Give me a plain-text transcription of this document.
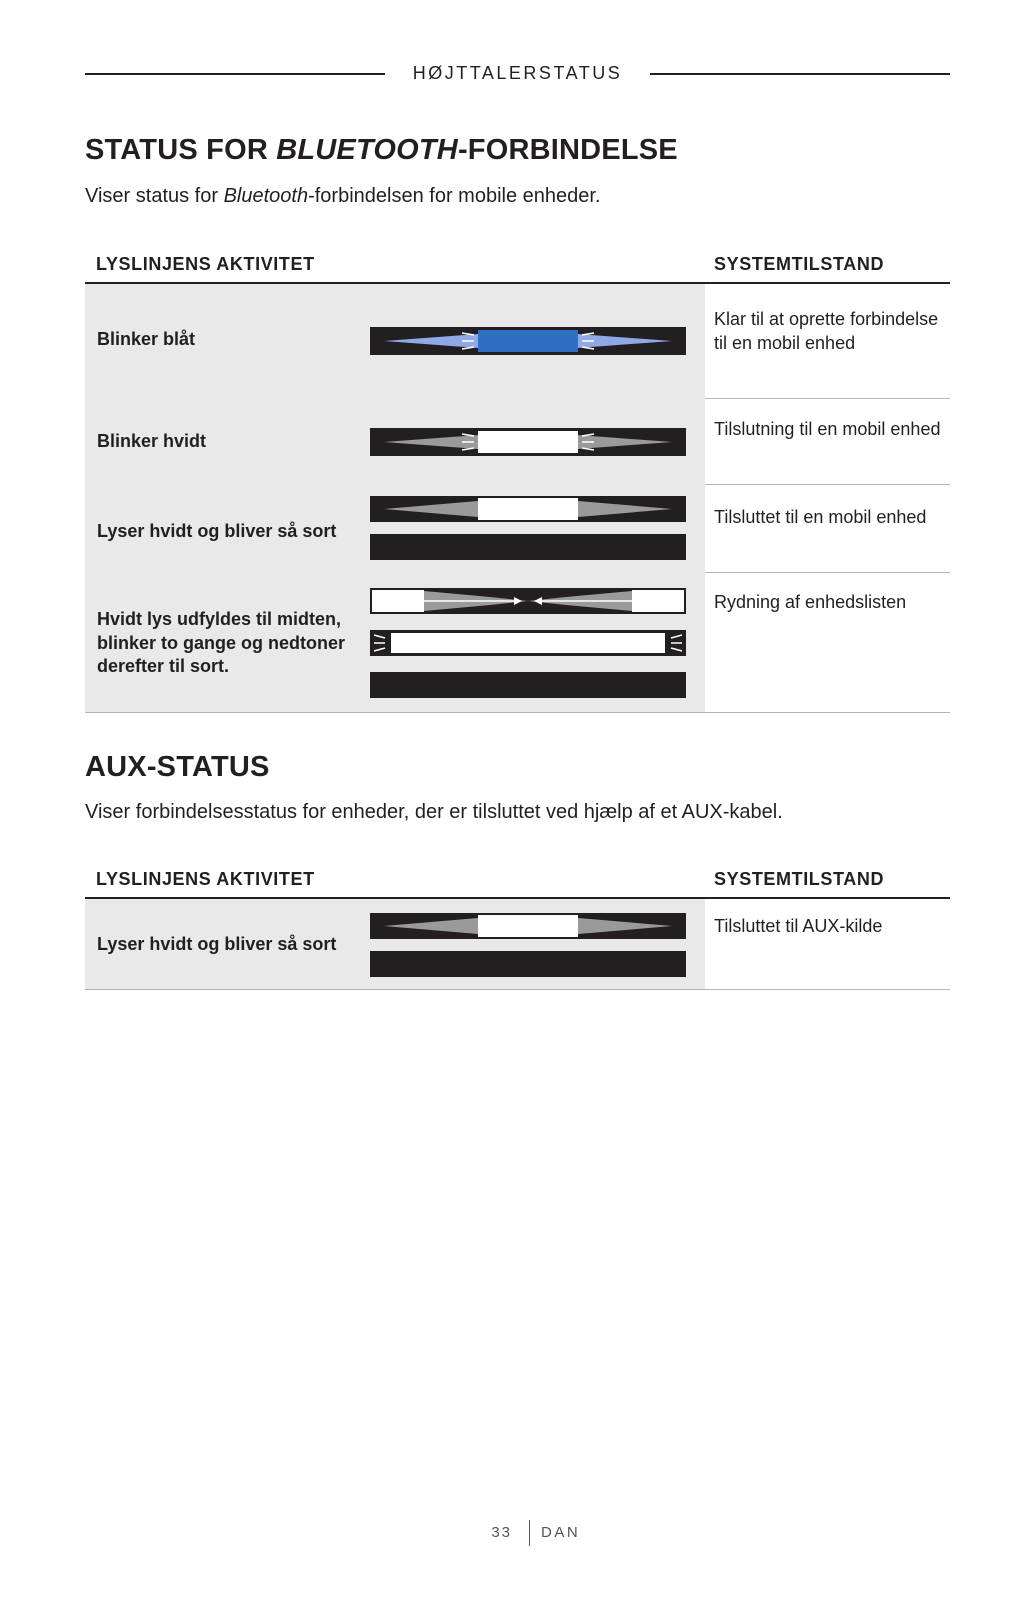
HØJTTALERSTATUS
STATUS FOR BLUETOOTH-FORBINDELSE
Viser status for Bluetooth-forbindelsen for mobile enheder.
LYSLINJENS AKTIVITET	SYSTEMTILSTAND
Blinker blåt
Klar til at oprette forbindelse til en mobil enhed
Blinker hvidt
Tilslutning til en mobil enhed
Lyser hvidt og bliver så sort
Tilsluttet til en mobil enhed
Hvidt lys udfyldes til midten, blinker to gange og nedtoner derefter til sort.
Rydning af enhedslisten
AUX-STATUS
Viser forbindelsesstatus for enheder, der er tilsluttet ved hjælp af et AUX-kabel.
LYSLINJENS AKTIVITET	SYSTEMTILSTAND
Lyser hvidt og bliver så sort
Tilsluttet til AUX-kilde
33 DAN
